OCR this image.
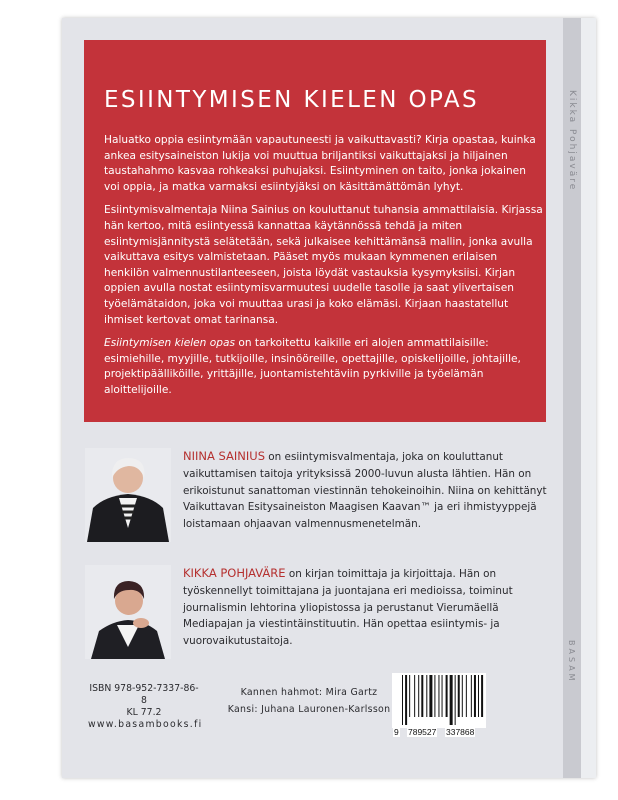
Kikka Pohjaväre
BASAM
ESIINTYMISEN KIELEN OPAS

Haluatko oppia esiintymään vapautuneesti ja vaikuttavasti? Kirja opastaa, kuinka ankea esitysaineiston lukija voi muuttua briljantiksi vaikuttajaksi ja hiljainen taustahahmo kasvaa rohkeaksi puhujaksi. Esiintyminen on taito, jonka jokainen voi oppia, ja matka varmaksi esiintyjäksi on käsittämättömän lyhyt.

Esiintymisvalmentaja Niina Sainius on kouluttanut tuhansia ammattilaisia. Kirjassa hän kertoo, mitä esiintyessä kannattaa käytännössä tehdä ja miten esiintymisjännitystä selätetään, sekä julkaisee kehittämänsä mallin, jonka avulla vaikuttava esitys valmistetaan. Pääset myös mukaan kymmenen erilaisen henkilön valmennustilanteeseen, joista löydät vastauksia kysymyksiisi. Kirjan oppien avulla nostat esiintymisvarmuutesi uudelle tasolle ja saat ylivertaisen työelämätaidon, joka voi muuttaa urasi ja koko elämäsi. Kirjaan haastatellut ihmiset kertovat omat tarinansa.

Esiintymisen kielen opas on tarkoitettu kaikille eri alojen ammattilaisille: esimiehille, myyjille, tutkijoille, insinööreille, opettajille, opiskelijoille, johtajille, projektipäälliköille, yrittäjille, juontamistehtäviin pyrkiville ja työelämän aloittelijoille.

NIINA SAINIUS on esiintymisvalmentaja, joka on kouluttanut vaikuttamisen taitoja yrityksissä 2000-luvun alusta lähtien. Hän on erikoistunut sanattoman viestinnän tehokeinoihin. Niina on kehittänyt Vaikuttavan Esitysaineiston Maagisen Kaavan™ ja eri ihmistyyppejä loistamaan ohjaavan valmennusmenetelmän.
KIKKA POHJAVÄRE on kirjan toimittaja ja kirjoittaja. Hän on työskennellyt toimittajana ja juontajana eri medioissa, toiminut journalismin lehtorina yliopistossa ja perustanut Vierumäellä Mediapajan ja viestintäinstituutin. Hän opettaa esiintymis- ja vuorovaikutustaitoja.
ISBN 978-952-7337-86-8
KL 77.2
www.basambooks.fi
Kannen hahmot: Mira Gartz
Kansi: Juhana Lauronen-Karlsson
9 789527 337868
